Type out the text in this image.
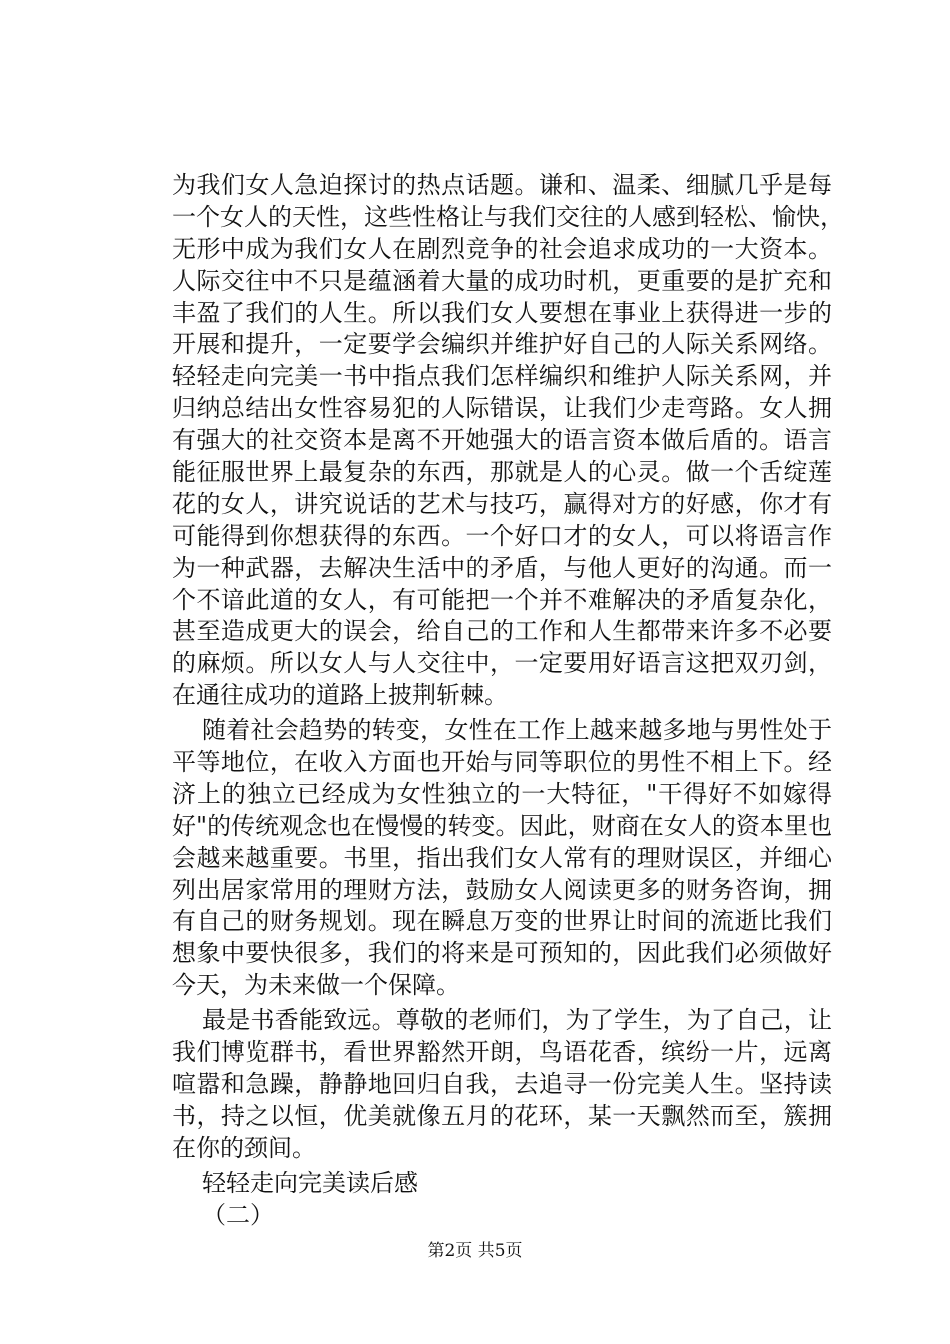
为我们女人急迫探讨的热点话题。谦和、温柔、细腻几乎是每
一个女人的天性，这些性格让与我们交往的人感到轻松、愉快，
无形中成为我们女人在剧烈竞争的社会追求成功的一大资本。
人际交往中不只是蕴涵着大量的成功时机，更重要的是扩充和
丰盈了我们的人生。所以我们女人要想在事业上获得进一步的
开展和提升，一定要学会编织并维护好自己的人际关系网络。
轻轻走向完美一书中指点我们怎样编织和维护人际关系网，并
归纳总结出女性容易犯的人际错误，让我们少走弯路。女人拥
有强大的社交资本是离不开她强大的语言资本做后盾的。语言
能征服世界上最复杂的东西，那就是人的心灵。做一个舌绽莲
花的女人，讲究说话的艺术与技巧，赢得对方的好感，你才有
可能得到你想获得的东西。一个好口才的女人，可以将语言作
为一种武器，去解决生活中的矛盾，与他人更好的沟通。而一
个不谙此道的女人，有可能把一个并不难解决的矛盾复杂化，
甚至造成更大的误会，给自己的工作和人生都带来许多不必要
的麻烦。所以女人与人交往中，一定要用好语言这把双刃剑，
在通往成功的道路上披荆斩棘。
随着社会趋势的转变，女性在工作上越来越多地与男性处于
平等地位，在收入方面也开始与同等职位的男性不相上下。经
济上的独立已经成为女性独立的一大特征，"干得好不如嫁得
好"的传统观念也在慢慢的转变。因此，财商在女人的资本里也
会越来越重要。书里，指出我们女人常有的理财误区，并细心
列出居家常用的理财方法，鼓励女人阅读更多的财务咨询，拥
有自己的财务规划。现在瞬息万变的世界让时间的流逝比我们
想象中要快很多，我们的将来是可预知的，因此我们必须做好
今天，为未来做一个保障。
最是书香能致远。尊敬的老师们，为了学生，为了自己，让
我们博览群书，看世界豁然开朗，鸟语花香，缤纷一片，远离
喧嚣和急躁，静静地回归自我，去追寻一份完美人生。坚持读
书，持之以恒，优美就像五月的花环，某一天飘然而至，簇拥
在你的颈间。
轻轻走向完美读后感
（二）
第2页 共5页
